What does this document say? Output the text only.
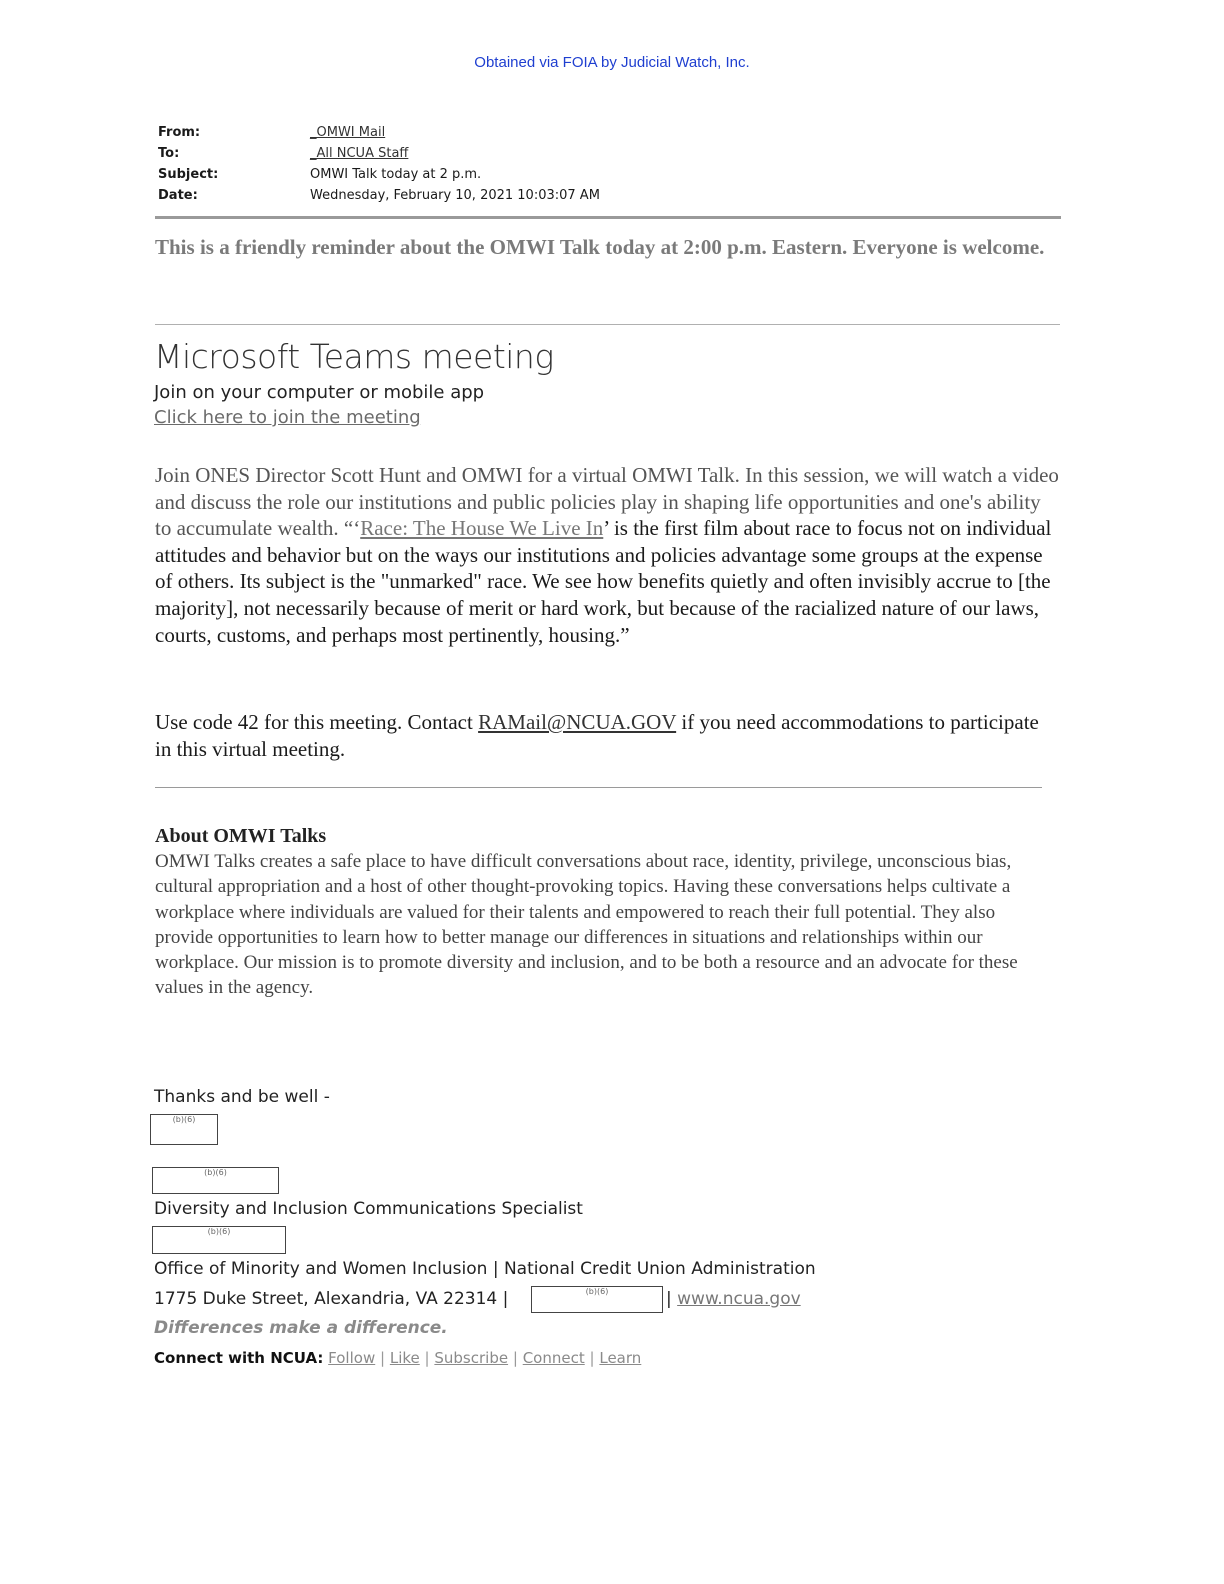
Obtained via FOIA by Judicial Watch, Inc.
From:	_OMWI Mail
To:	_All NCUA Staff
Subject:	OMWI Talk today at 2 p.m.
Date:	Wednesday, February 10, 2021 10:03:07 AM
This is a friendly reminder about the OMWI Talk today at 2:00 p.m. Eastern. Everyone is welcome.
Microsoft Teams meeting
Join on your computer or mobile app
Click here to join the meeting
Join ONES Director Scott Hunt and OMWI for a virtual OMWI Talk. In this session, we will watch a video and discuss the role our institutions and public policies play in shaping life opportunities and one's ability to accumulate wealth. “‘Race: The House We Live In’ is the first film about race to focus not on individual attitudes and behavior but on the ways our institutions and policies advantage some groups at the expense of others. Its subject is the "unmarked" race. We see how benefits quietly and often invisibly accrue to [the majority], not necessarily because of merit or hard work, but because of the racialized nature of our laws, courts, customs, and perhaps most pertinently, housing.”
Use code 42 for this meeting. Contact RAMail@NCUA.GOV if you need accommodations to participate in this virtual meeting.
About OMWI Talks
OMWI Talks creates a safe place to have difficult conversations about race, identity, privilege, unconscious bias, cultural appropriation and a host of other thought-provoking topics. Having these conversations helps cultivate a workplace where individuals are valued for their talents and empowered to reach their full potential. They also provide opportunities to learn how to better manage our differences in situations and relationships within our workplace. Our mission is to promote diversity and inclusion, and to be both a resource and an advocate for these values in the agency.
Thanks and be well -
(b)(6)
(b)(6)
Diversity and Inclusion Communications Specialist
(b)(6)
Office of Minority and Women Inclusion | National Credit Union Administration
1775 Duke Street, Alexandria, VA 22314 |	(b)(6)	| www.ncua.gov
Differences make a difference.
Connect with NCUA: Follow | Like | Subscribe | Connect | Learn
